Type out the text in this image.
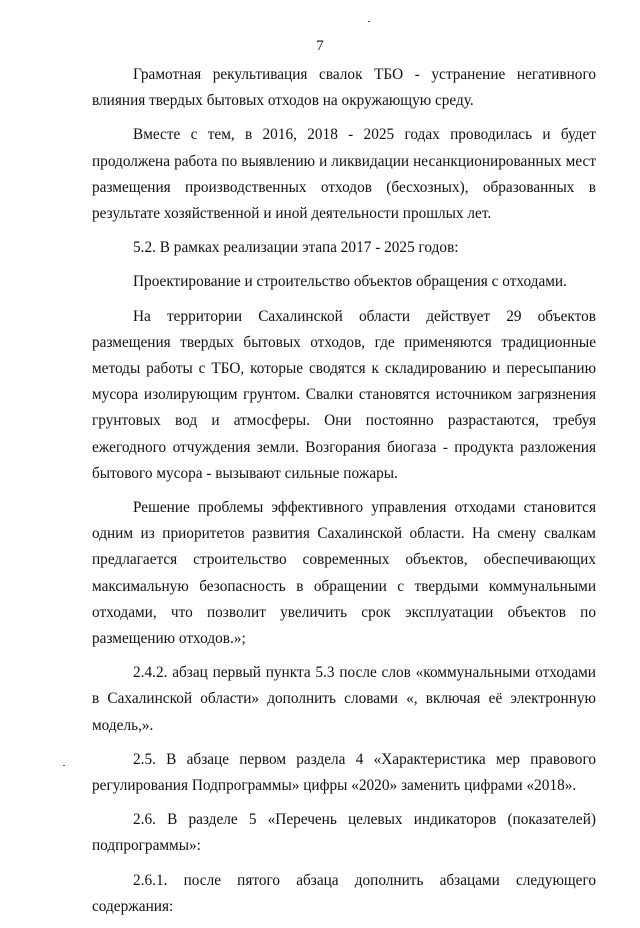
7

Грамотная рекультивация свалок ТБО - устранение негативного влияния твердых бытовых отходов на окружающую среду.

Вместе с тем, в 2016, 2018 - 2025 годах проводилась и будет продолжена работа по выявлению и ликвидации несанкционированных мест размещения производственных отходов (бесхозных), образованных в результате хозяйственной и иной деятельности прошлых лет.

5.2. В рамках реализации этапа 2017 - 2025 годов:

Проектирование и строительство объектов обращения с отходами.

На территории Сахалинской области действует 29 объектов размещения твердых бытовых отходов, где применяются традиционные методы работы с ТБО, которые сводятся к складированию и пересыпанию мусора изолирующим грунтом. Свалки становятся источником загрязнения грунтовых вод и атмосферы. Они постоянно разрастаются, требуя ежегодного отчуждения земли. Возгорания биогаза - продукта разложения бытового мусора - вызывают сильные пожары.

Решение проблемы эффективного управления отходами становится одним из приоритетов развития Сахалинской области. На смену свалкам предлагается строительство современных объектов, обеспечивающих максимальную безопасность в обращении с твердыми коммунальными отходами, что позволит увеличить срок эксплуатации объектов по размещению отходов.»;

2.4.2. абзац первый пункта 5.3 после слов «коммунальными отходами в Сахалинской области» дополнить словами «, включая её электронную модель,».

2.5. В абзаце первом раздела 4 «Характеристика мер правового регулирования Подпрограммы» цифры «2020» заменить цифрами «2018».

2.6. В разделе 5 «Перечень целевых индикаторов (показателей) подпрограммы»:

2.6.1. после пятого абзаца дополнить абзацами следующего содержания:
